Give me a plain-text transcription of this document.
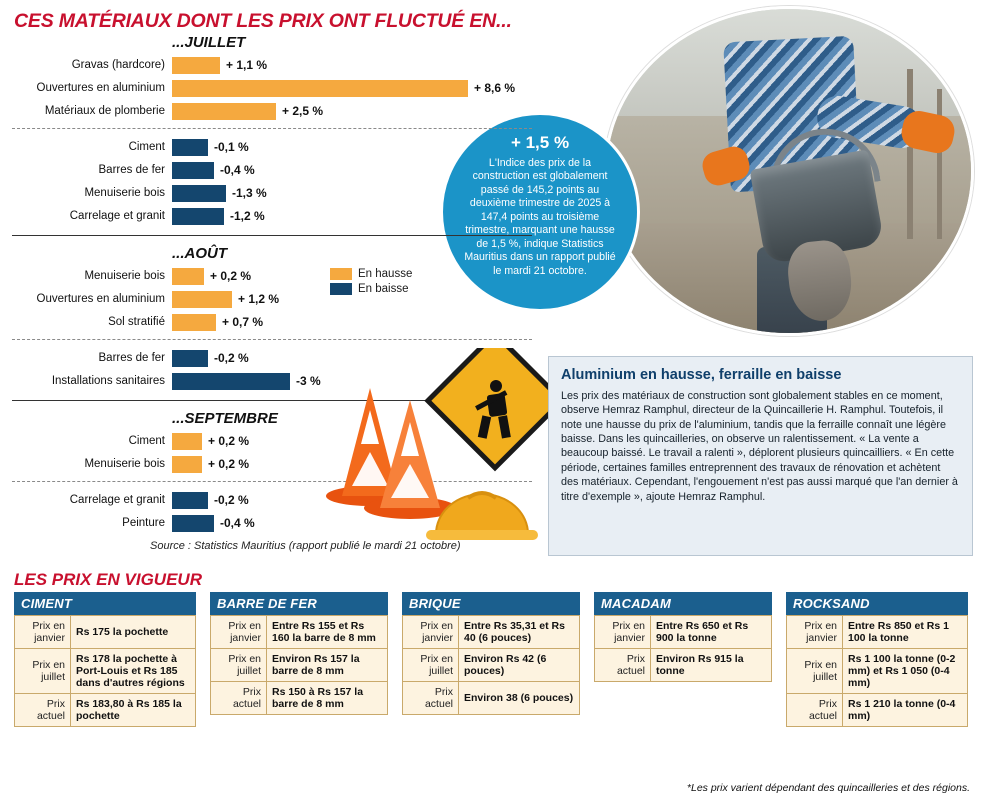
CES MATÉRIAUX DONT LES PRIX ONT FLUCTUÉ EN...
+ 1,5 %
L'Indice des prix de la construction est globalement passé de 145,2 points au deuxième trimestre de 2025 à 147,4 points au troisième trimestre, marquant une hausse de 1,5 %, indique Statistics Mauritius dans un rapport publié le mardi 21 octobre.
...JUILLET
Gravas (hardcore)	+ 1,1 %
Ouvertures en aluminium	+ 8,6 %
Matériaux de plomberie	+ 2,5 %
Ciment	-0,1 %
Barres de fer	-0,4 %
Menuiserie bois	-1,3 %
Carrelage et granit	-1,2 %
...AOÛT
Menuiserie bois	+ 0,2 %
Ouvertures en aluminium	+ 1,2 %
Sol stratifié	+ 0,7 %
Barres de fer	-0,2 %
Installations sanitaires	-3 %
...SEPTEMBRE
Ciment	+ 0,2 %
Menuiserie bois	+ 0,2 %
Carrelage et granit	-0,2 %
Peinture	-0,4 %
En hausse
En baisse
Source : Statistics Mauritius (rapport publié le mardi 21 octobre)
Aluminium en hausse, ferraille en baisse

Les prix des matériaux de construction sont globalement stables en ce moment, observe Hemraz Ramphul, directeur de la Quincaillerie H. Ramphul. Toutefois, il note une hausse du prix de l'aluminium, tandis que la ferraille connaît une légère baisse. Dans les quincailleries, on observe un ralentissement. « La vente a beaucoup baissé. Le travail a ralenti », déplorent plusieurs quincailliers. « En cette période, certaines familles entreprennent des travaux de rénovation et achètent des matériaux. Cependant, l'engouement n'est pas aussi marqué que l'an dernier à titre d'exemple », ajoute Hemraz Ramphul.

LES PRIX EN VIGUEUR
CIMENT
Prix en janvier	Rs 175 la pochette
Prix en juillet	Rs 178 la pochette à Port-Louis et Rs 185 dans d'autres régions
Prix actuel	Rs 183,80 à Rs 185 la pochette
BARRE DE FER
Prix en janvier	Entre Rs 155 et Rs 160 la barre de 8 mm
Prix en juillet	Environ Rs 157 la barre de 8 mm
Prix actuel	Rs 150 à Rs 157 la barre de 8 mm
BRIQUE
Prix en janvier	Entre Rs 35,31 et Rs 40 (6 pouces)
Prix en juillet	Environ Rs 42 (6 pouces)
Prix actuel	Environ 38 (6 pouces)
MACADAM
Prix en janvier	Entre Rs 650 et Rs 900 la tonne
Prix actuel	Environ Rs 915 la tonne
ROCKSAND
Prix en janvier	Entre Rs 850 et Rs 1 100 la tonne
Prix en juillet	Rs 1 100 la tonne (0-2 mm) et Rs 1 050 (0-4 mm)
Prix actuel	Rs 1 210 la tonne (0-4 mm)
*Les prix varient dépendant des quincailleries et des régions.
